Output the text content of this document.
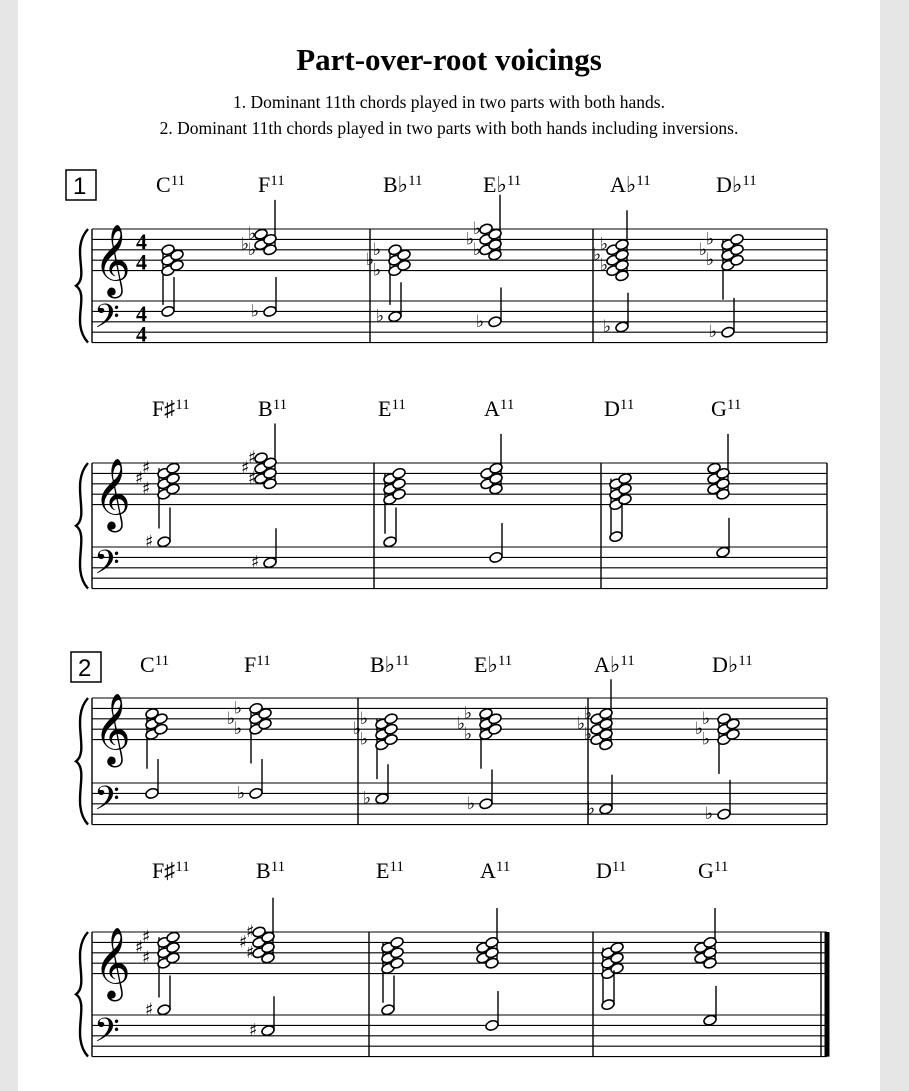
Part-over-root voicings
1. Dominant 11th chords played in two parts with both hands.
2. Dominant 11th chords played in two parts with both hands including inversions.
𝄞
𝄢
4
4
4
4
1	$C^{11}$	$F^{11}$	B♭$^{11}$	E♭$^{11}$	A♭$^{11}$	D♭$^{11}$
♭
♭
♭	♭
♭
♭
♭
♭
♭	♭
♭
♭
♭
♭
♭
♭	♭	♭	♭	♭
𝄞
𝄢
F♯$^{11}$	$B^{11}$	$E^{11}$	$A^{11}$	$D^{11}$	$G^{11}$
♯
♯
♯
♯
♯
♯
♯
♯
𝄞
𝄢
2 $C^{11}$	$F^{11}$	B♭$^{11}$	E♭$^{11}$	A♭$^{11}$	D♭$^{11}$
♭
♭
♭
♭
♭
♭
♭
♭
♭
♭
♭
♭
♭
♭
♭
♭	♭	♭	♭	♭
𝄞
𝄢
F♯$^{11}$	$B^{11}$	$E^{11}$	$A^{11}$	$D^{11}$	$G^{11}$
♯
♯
♯
♯
♯
♯
♯
♯
